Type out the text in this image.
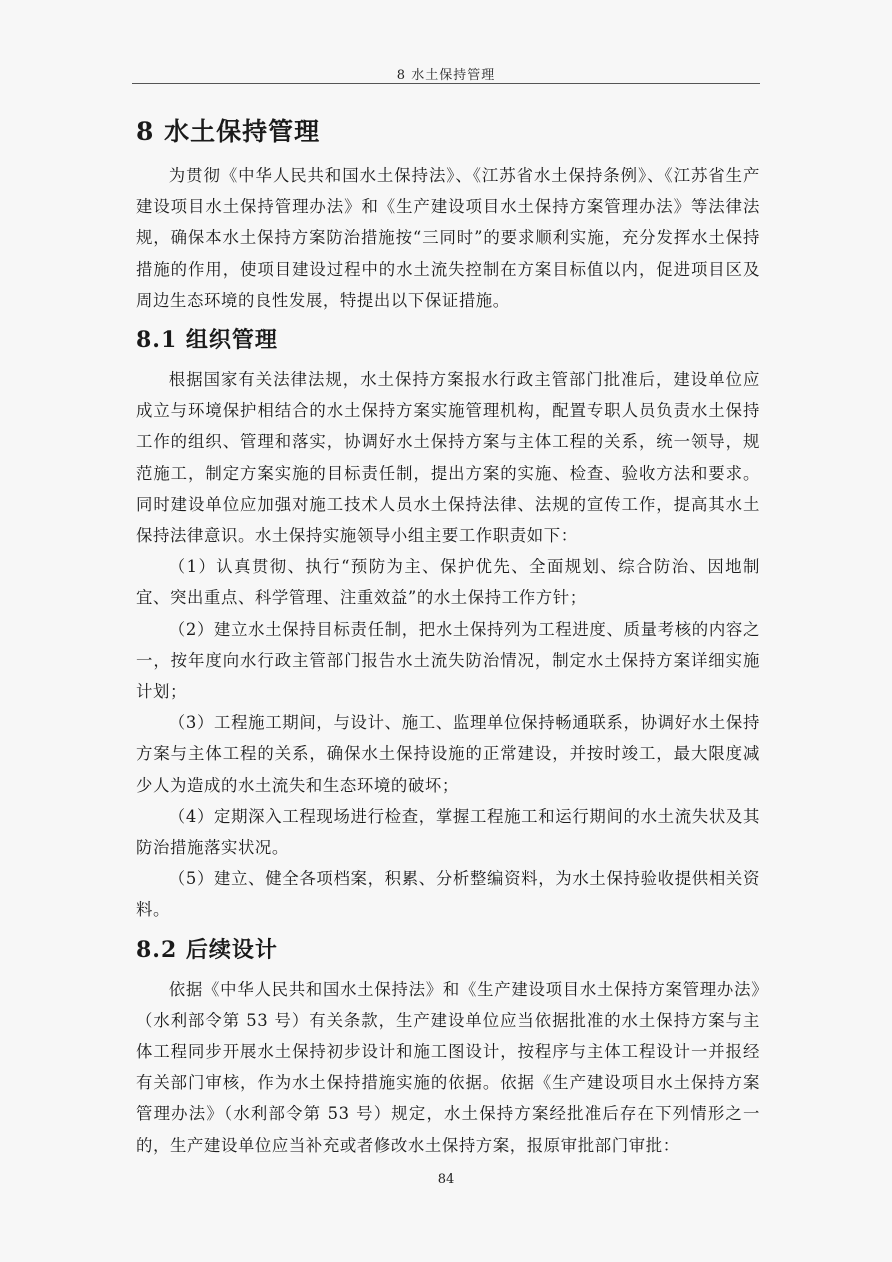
8 水土保持管理
8 水土保持管理

为贯彻《中华人民共和国水土保持法》、《江苏省水土保持条例》、《江苏省生产建设项目水土保持管理办法》和《生产建设项目水土保持方案管理办法》等法律法规，确保本水土保持方案防治措施按“三同时”的要求顺利实施，充分发挥水土保持措施的作用，使项目建设过程中的水土流失控制在方案目标值以内，促进项目区及周边生态环境的良性发展，特提出以下保证措施。

8.1 组织管理

根据国家有关法律法规，水土保持方案报水行政主管部门批准后，建设单位应成立与环境保护相结合的水土保持方案实施管理机构，配置专职人员负责水土保持工作的组织、管理和落实，协调好水土保持方案与主体工程的关系，统一领导，规范施工，制定方案实施的目标责任制，提出方案的实施、检查、验收方法和要求。同时建设单位应加强对施工技术人员水土保持法律、法规的宣传工作，提高其水土保持法律意识。水土保持实施领导小组主要工作职责如下：

（1）认真贯彻、执行“预防为主、保护优先、全面规划、综合防治、因地制宜、突出重点、科学管理、注重效益”的水土保持工作方针；

（2）建立水土保持目标责任制，把水土保持列为工程进度、质量考核的内容之一，按年度向水行政主管部门报告水土流失防治情况，制定水土保持方案详细实施计划；

（3）工程施工期间，与设计、施工、监理单位保持畅通联系，协调好水土保持方案与主体工程的关系，确保水土保持设施的正常建设，并按时竣工，最大限度减少人为造成的水土流失和生态环境的破坏；

（4）定期深入工程现场进行检查，掌握工程施工和运行期间的水土流失状及其防治措施落实状况。

（5）建立、健全各项档案，积累、分析整编资料，为水土保持验收提供相关资料。

8.2 后续设计

依据《中华人民共和国水土保持法》和《生产建设项目水土保持方案管理办法》（水利部令第 53 号）有关条款，生产建设单位应当依据批准的水土保持方案与主体工程同步开展水土保持初步设计和施工图设计，按程序与主体工程设计一并报经有关部门审核，作为水土保持措施实施的依据。依据《生产建设项目水土保持方案管理办法》（水利部令第 53 号）规定，水土保持方案经批准后存在下列情形之一的，生产建设单位应当补充或者修改水土保持方案，报原审批部门审批：

84
